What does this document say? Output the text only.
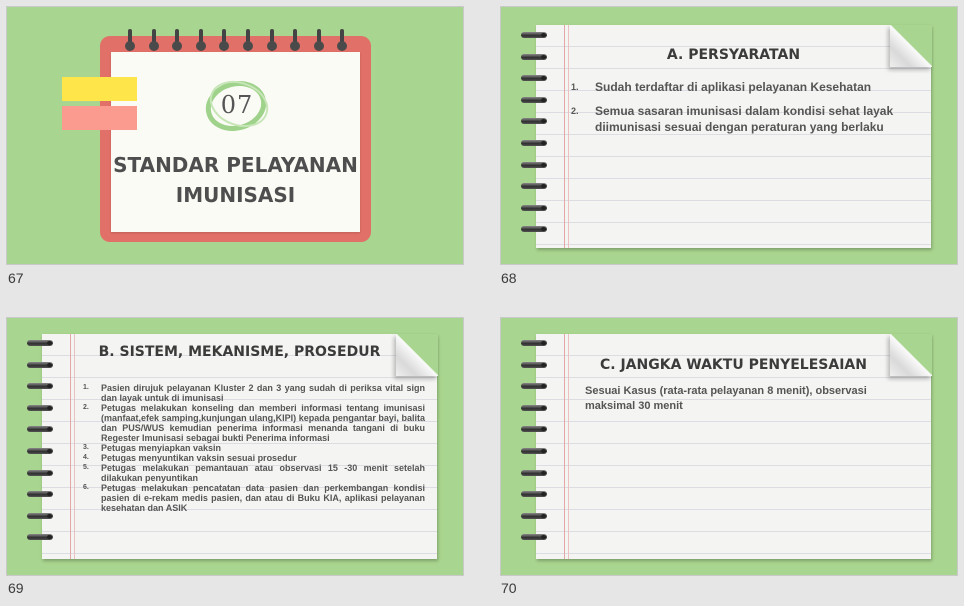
07
STANDAR PELAYANAN
IMUNISASI
67
A. PERSYARATAN
1. Sudah terdaftar di aplikasi pelayanan Kesehatan
2. Semua sasaran imunisasi dalam kondisi sehat layak diimunisasi sesuai dengan peraturan yang berlaku
68
B. SISTEM, MEKANISME, PROSEDUR
1. Pasien dirujuk pelayanan Kluster 2 dan 3 yang sudah di periksa vital sign dan layak untuk di imunisasi
2. Petugas melakukan konseling dan memberi informasi tentang imunisasi (manfaat,efek samping,kunjungan ulang,KIPI) kepada pengantar bayi, balita dan PUS/WUS kemudian penerima informasi menanda tangani di buku Regester Imunisasi sebagai bukti Penerima informasi
3. Petugas menyiapkan vaksin
4. Petugas menyuntikan vaksin sesuai prosedur
5. Petugas melakukan pemantauan atau observasi 15 -30 menit setelah dilakukan penyuntikan
6. Petugas melakukan pencatatan data pasien dan perkembangan kondisi pasien di e-rekam medis pasien, dan atau di Buku KIA, aplikasi pelayanan kesehatan dan ASIK
69
C. JANGKA WAKTU PENYELESAIAN
Sesuai Kasus (rata-rata pelayanan 8 menit), observasi maksimal 30 menit
70
